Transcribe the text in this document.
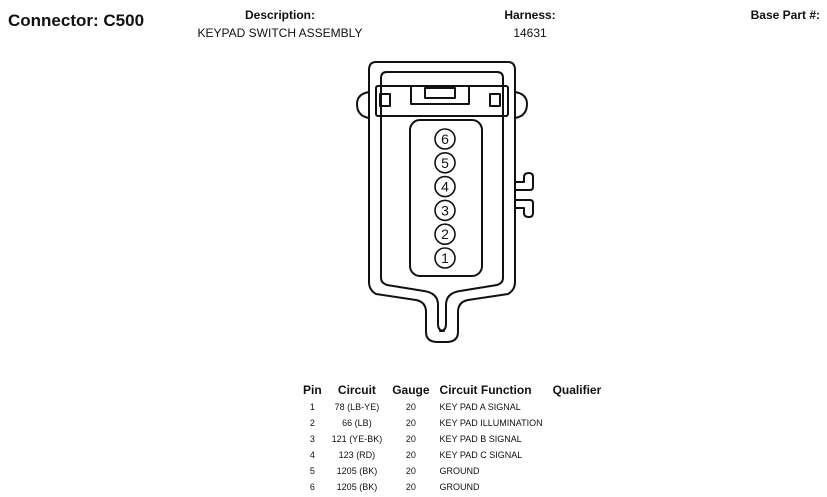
Connector: C500	Description:
KEYPAD SWITCH ASSEMBLY
Harness:
14631
Base Part #:
6
5
4
3
2
1
Pin	Circuit	Gauge	Circuit Function	Qualifier
1	78 (LB-YE)	20	KEY PAD A SIGNAL	
2	66 (LB)	20	KEY PAD ILLUMINATION	
3	121 (YE-BK)	20	KEY PAD B SIGNAL	
4	123 (RD)	20	KEY PAD C SIGNAL	
5	1205 (BK)	20	GROUND	
6	1205 (BK)	20	GROUND	
